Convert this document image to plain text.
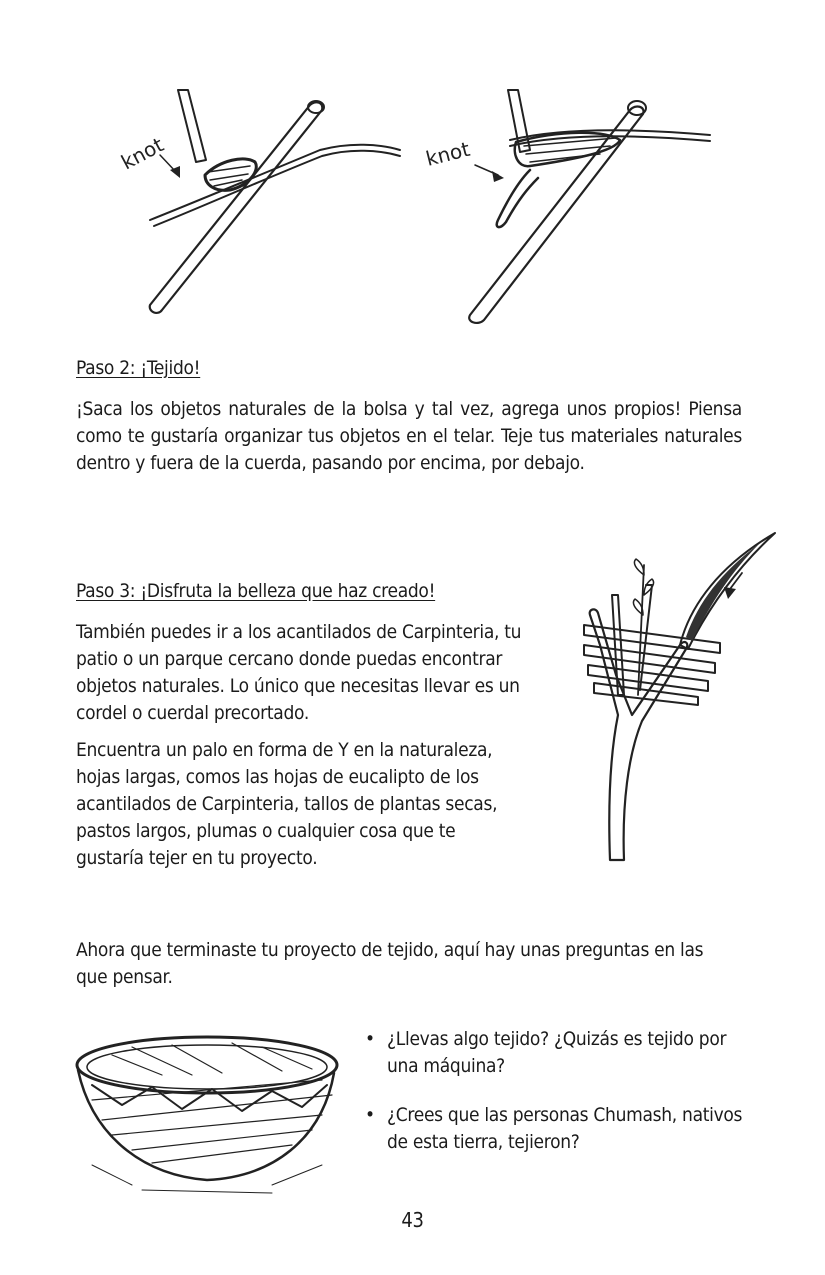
knot	knot
Paso 2: ¡Tejido!

¡Saca los objetos naturales de la bolsa y tal vez, agrega unos propios! Piensa como te gustaría organizar tus objetos en el telar. Teje tus materiales naturales dentro y fuera de la cuerda, pasando por encima, por debajo.

Paso 3: ¡Disfruta la belleza que haz creado!

También puedes ir a los acantilados de Carpinteria, tu patio o un parque cercano donde puedas encontrar objetos naturales. Lo único que necesitas llevar es un cordel o cuerdal precortado.

Encuentra un palo en forma de Y en la naturaleza, hojas largas, comos las hojas de eucalipto de los acantilados de Carpinteria, tallos de plantas secas, pastos largos, plumas o cualquier cosa que te gustaría tejer en tu proyecto.

Ahora que terminaste tu proyecto de tejido, aquí hay unas preguntas en las que pensar.

• ¿Llevas algo tejido? ¿Quizás es tejido por una máquina?
• ¿Crees que las personas Chumash, nativos de esta tierra, tejieron?
43
